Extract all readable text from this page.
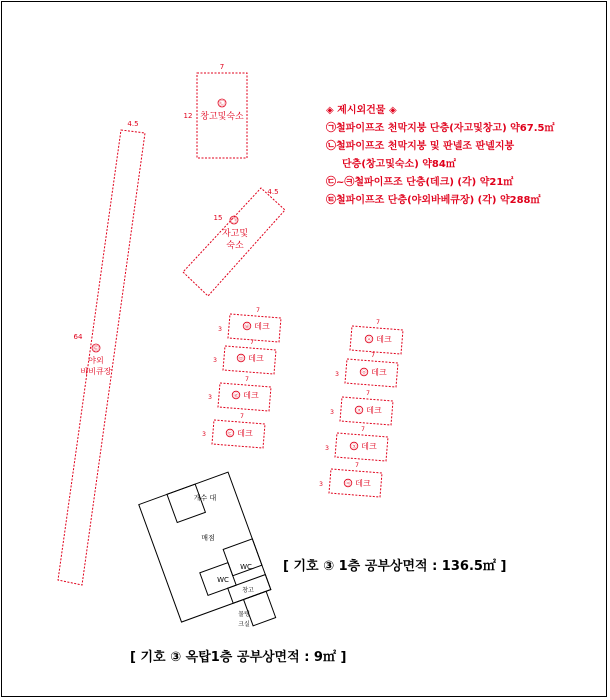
7
12
㉡
창고및숙소
4.5
15 ㉠
자고및
숙소
4.5
64
㉫
야외
바비큐장
7
3	㉥ 데크
7
3	㉤ 데크
7
3	㉣ 데크
7
3	㉢ 데크
7
㉦ 데크
7
3	㉧ 데크
7
3	㉨ 데크
7
3	㉩ 데크
7
3	㉪ 데크
개수 대
매점
WC
WC
창고
물탱
크실
◈ 제시외건물 ◈
㉠철파이프조 천막지붕 단층(자고및창고) 약67.5㎡
㉡철파이프조 천막지붕 및 판넬조 판넬지붕
단층(창고및숙소) 약84㎡
㉢~㉪철파이프조 단층(데크) (각) 약21㎡
㉫철파이프조 단층(야외바베큐장) (각) 약288㎡
[ 기호 ③ 1층 공부상면적 : 136.5㎡ ]
[ 기호 ③ 옥탑1층 공부상면적 : 9㎡ ]
